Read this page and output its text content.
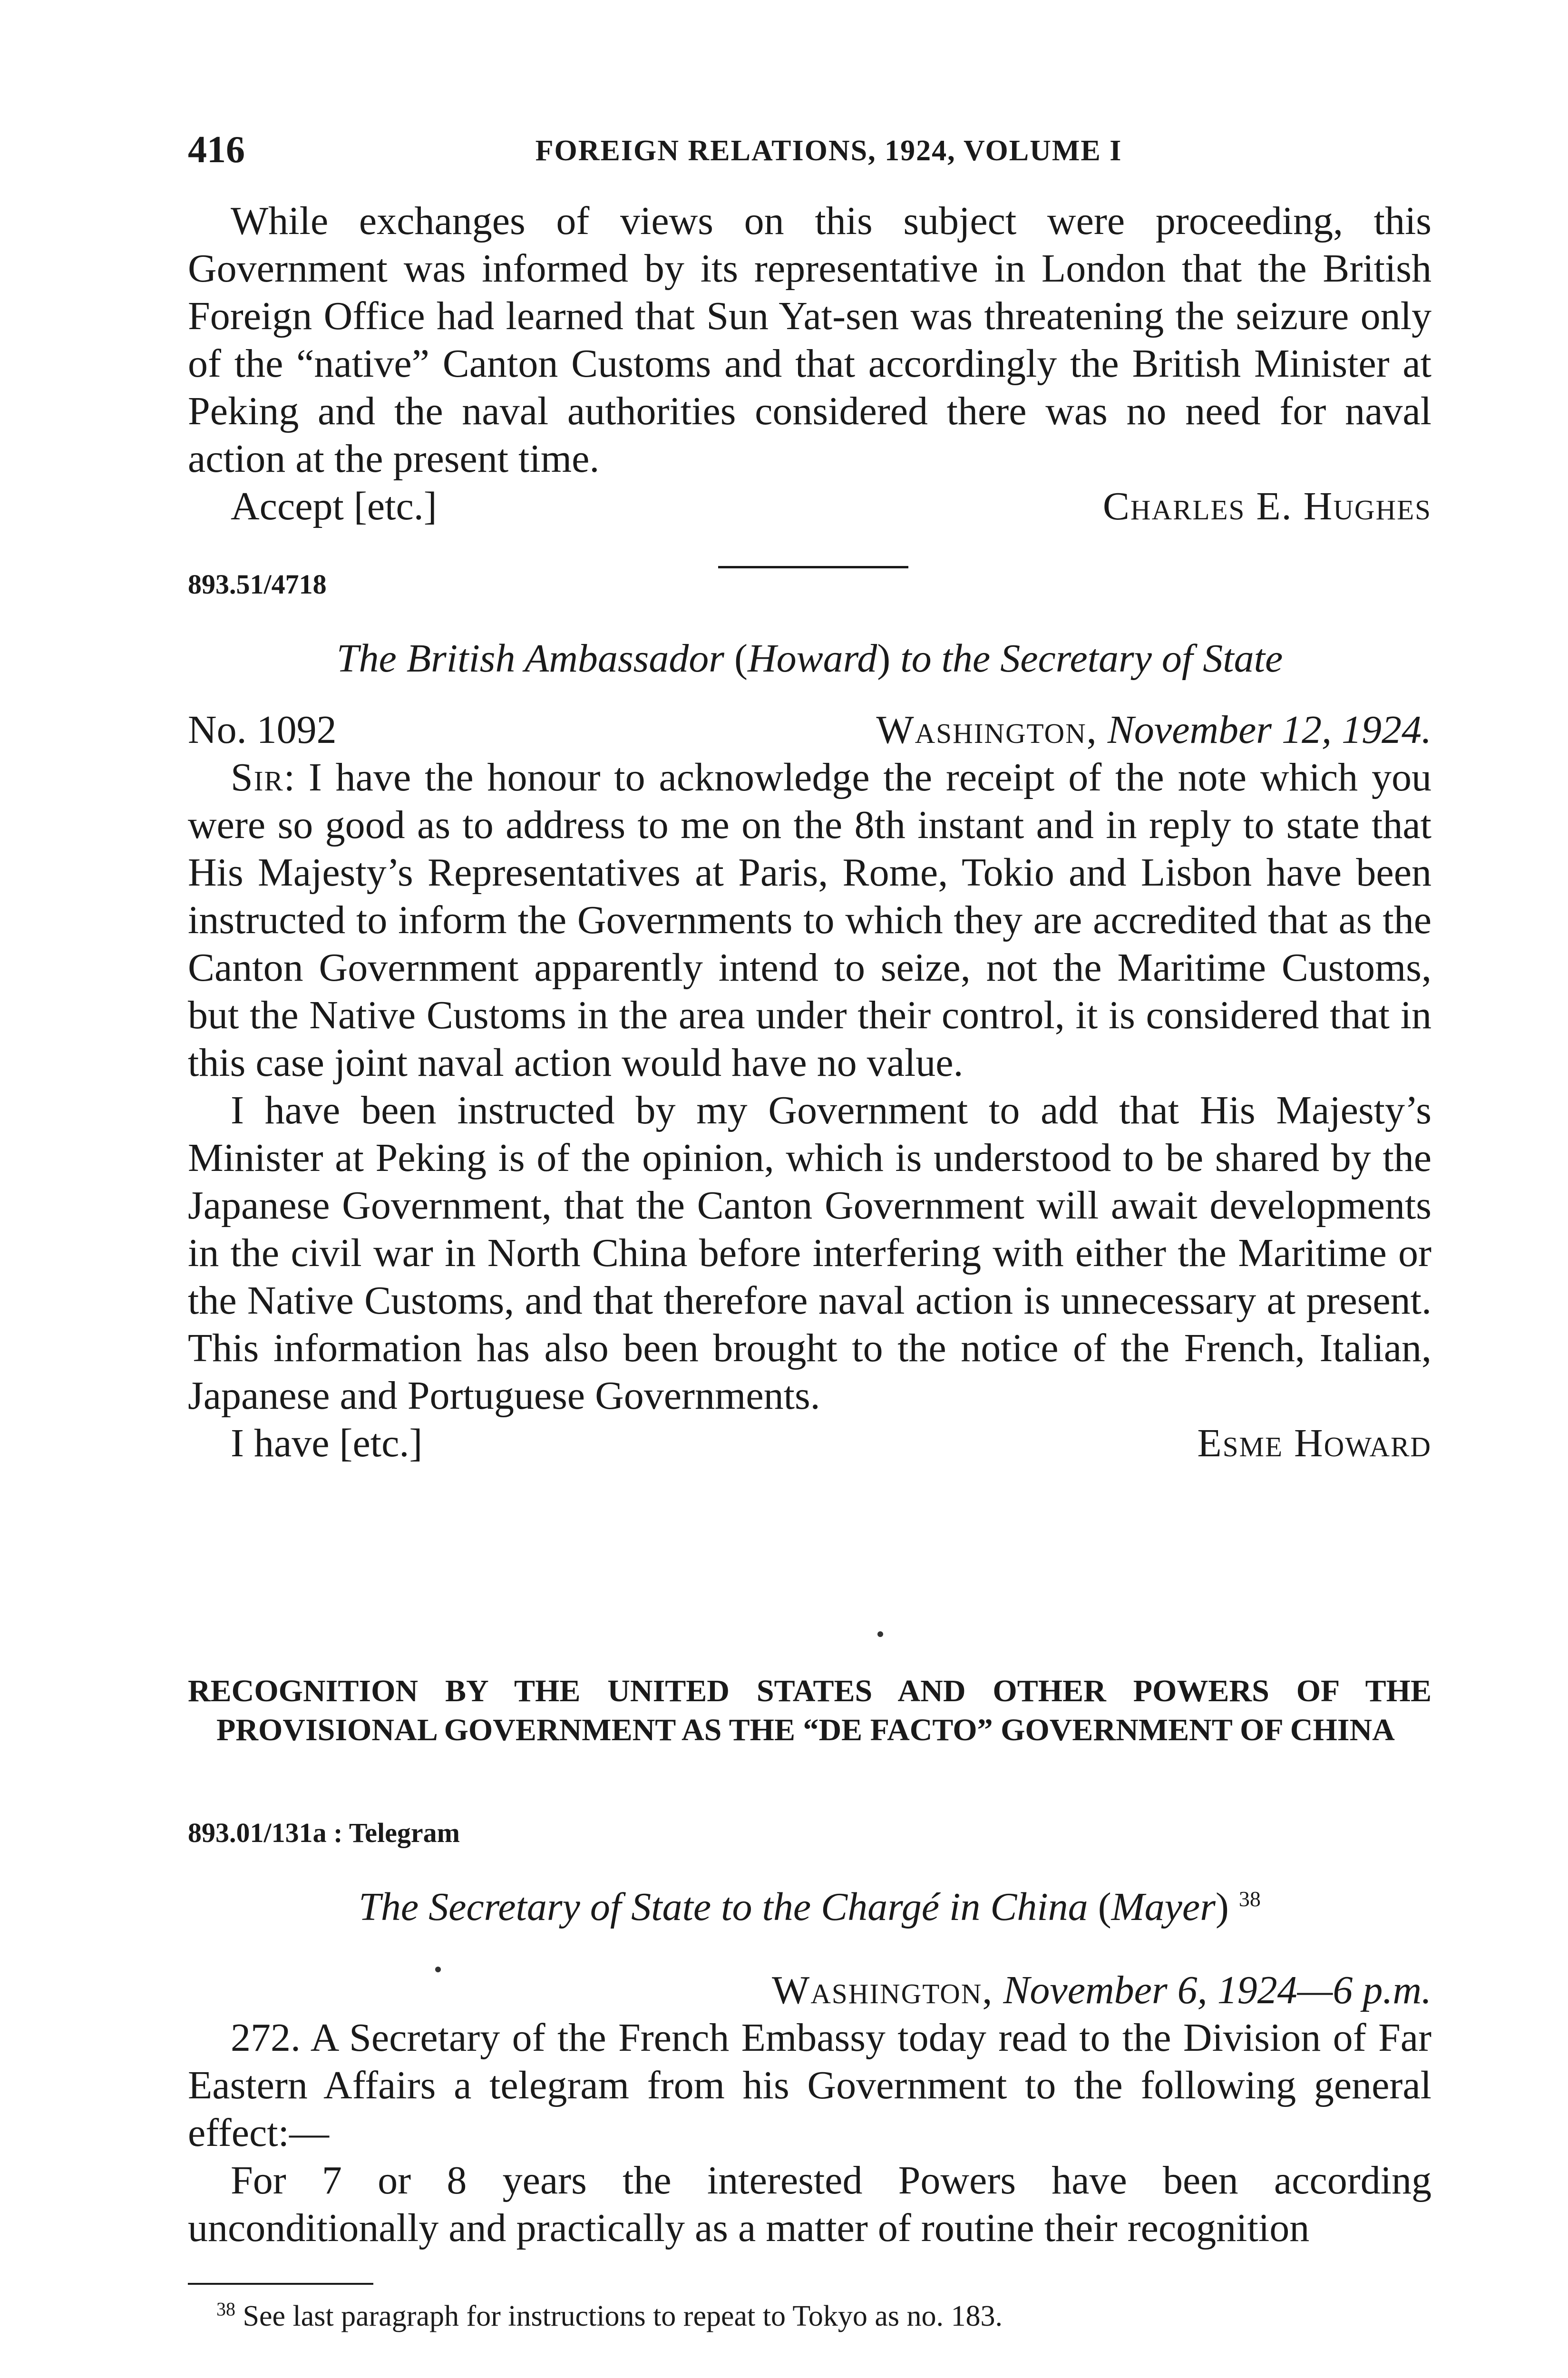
416	FOREIGN RELATIONS, 1924, VOLUME I

While exchanges of views on this subject were proceeding, this Government was informed by its representative in London that the British Foreign Office had learned that Sun Yat-sen was threatening the seizure only of the “native” Canton Customs and that accordingly the British Minister at Peking and the naval authorities considered there was no need for naval action at the present time.

Accept [etc.]	Charles E. Hughes
893.51/4718
The British Ambassador (Howard) to the Secretary of State
No. 1092	Washington, November 12, 1924.

Sir: I have the honour to acknowledge the receipt of the note which you were so good as to address to me on the 8th instant and in reply to state that His Majesty’s Representatives at Paris, Rome, Tokio and Lisbon have been instructed to inform the Governments to which they are accredited that as the Canton Government apparently intend to seize, not the Maritime Customs, but the Native Customs in the area under their control, it is considered that in this case joint naval action would have no value.

I have been instructed by my Government to add that His Majesty’s Minister at Peking is of the opinion, which is understood to be shared by the Japanese Government, that the Canton Government will await developments in the civil war in North China before interfering with either the Maritime or the Native Customs, and that therefore naval action is unnecessary at present. This information has also been brought to the notice of the French, Italian, Japanese and Portuguese Governments.

I have [etc.]	Esme Howard
RECOGNITION BY THE UNITED STATES AND OTHER POWERS OF THE PROVISIONAL GOVERNMENT AS THE “DE FACTO” GOVERNMENT OF CHINA
893.01/131a : Telegram
The Secretary of State to the Chargé in China (Mayer) $^{38}$
Washington, November 6, 1924—6 p.m.

272. A Secretary of the French Embassy today read to the Division of Far Eastern Affairs a telegram from his Government to the following general effect:—

For 7 or 8 years the interested Powers have been according unconditionally and practically as a matter of routine their recognition

$^{38}$ See last paragraph for instructions to repeat to Tokyo as no. 183.
